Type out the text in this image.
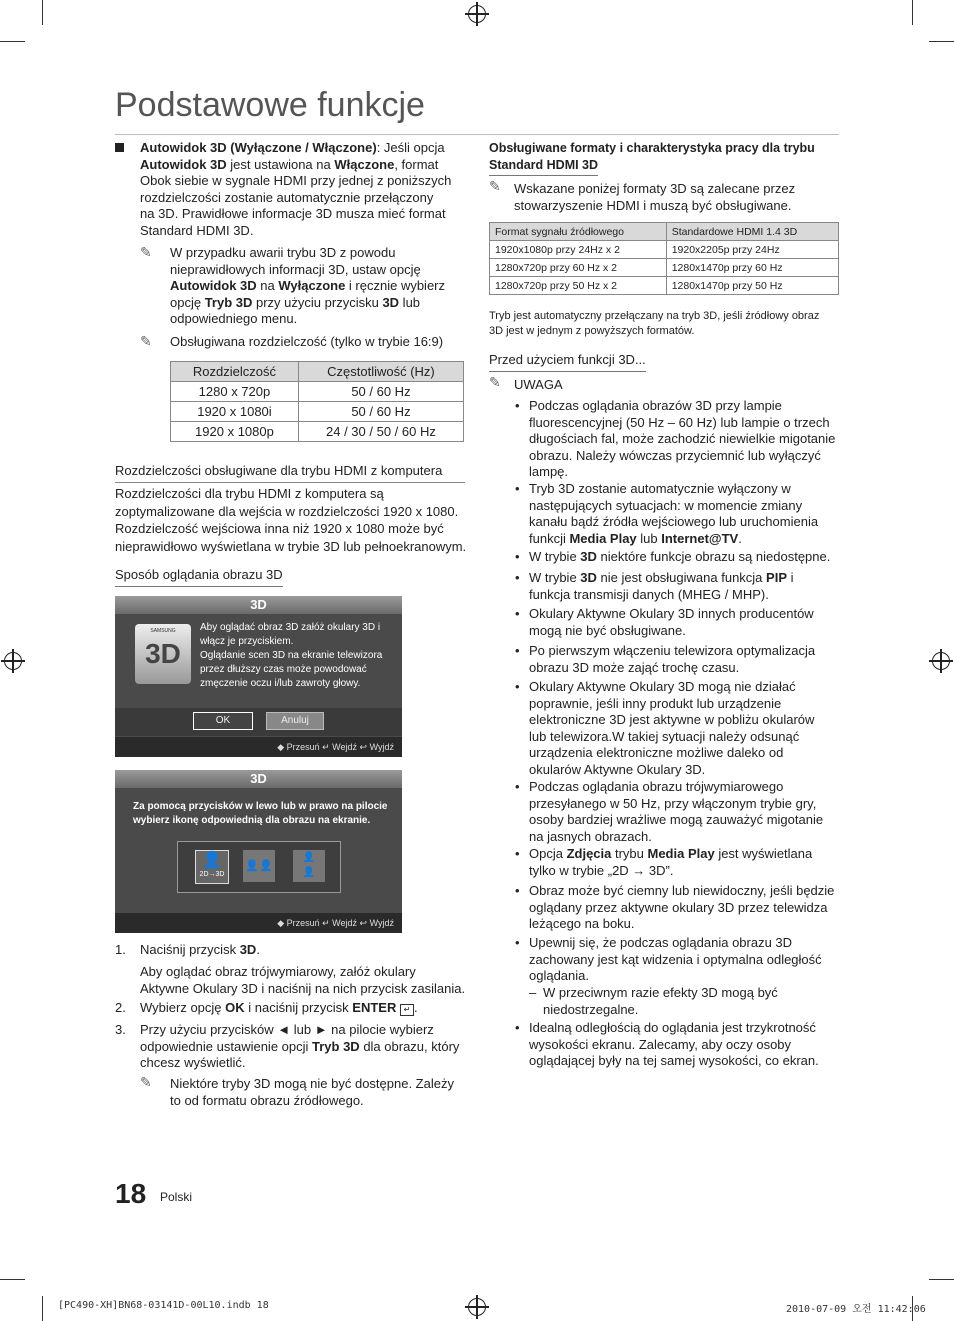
Podstawowe funkcje
Autowidok 3D (Wyłączone / Włączone): Jeśli opcja
Autowidok 3D jest ustawiona na Włączone, format
Obok siebie w sygnale HDMI przy jednej z poniższych
rozdzielczości zostanie automatycznie przełączony
na 3D. Prawidłowe informacje 3D musza mieć format
Standard HDMI 3D.
✎ W przypadku awarii trybu 3D z powodu
nieprawidłowych informacji 3D, ustaw opcję
Autowidok 3D na Wyłączone i ręcznie wybierz
opcję Tryb 3D przy użyciu przycisku 3D lub
odpowiedniego menu.
✎ Obsługiwana rozdzielczość (tylko w trybie 16:9)
Rozdzielczość	Częstotliwość (Hz)
1280 x 720p	50 / 60 Hz
1920 x 1080i	50 / 60 Hz
1920 x 1080p	24 / 30 / 50 / 60 Hz
Rozdzielczości obsługiwane dla trybu HDMI z komputera
Rozdzielczości dla trybu HDMI z komputera są
zoptymalizowane dla wejścia w rozdzielczości 1920 x 1080.
Rozdzielczość wejściowa inna niż 1920 x 1080 może być
nieprawidłowo wyświetlana w trybie 3D lub pełnoekranowym.
Sposób oglądania obrazu 3D
3D
SAMSUNG
3D
Aby oglądać obraz 3D załóż okulary 3D i
włącz je przyciskiem.
Oglądanie scen 3D na ekranie telewizora
przez dłuższy czas może powodować
zmęczenie oczu i/lub zawroty głowy.
OK	Anuluj
◆ Przesuń ↵ Wejdź ↩ Wyjdź
3D
Za pomocą przycisków w lewo lub w prawo na pilocie
wybierz ikonę odpowiednią dla obrazu na ekranie.
👤
2D→3D
👤👤
👤
👤
◆ Przesuń ↵ Wejdź ↩ Wyjdź
1. Naciśnij przycisk 3D.
Aby oglądać obraz trójwymiarowy, załóż okulary
Aktywne Okulary 3D i naciśnij na nich przycisk zasilania.
2. Wybierz opcję OK i naciśnij przycisk ENTER ↵ .
3. Przy użyciu przycisków ◄ lub ► na pilocie wybierz
odpowiednie ustawienie opcji Tryb 3D dla obrazu, który
chcesz wyświetlić.
✎ Niektóre tryby 3D mogą nie być dostępne. Zależy
to od formatu obrazu źródłowego.
Obsługiwane formaty i charakterystyka pracy dla trybu
Standard HDMI 3D
✎ Wskazane poniżej formaty 3D są zalecane przez
stowarzyszenie HDMI i muszą być obsługiwane.
Format sygnału źródłowego	Standardowe HDMI 1.4 3D
1920x1080p przy 24Hz x 2	1920x2205p przy 24Hz
1280x720p przy 60 Hz x 2	1280x1470p przy 60 Hz
1280x720p przy 50 Hz x 2	1280x1470p przy 50 Hz
Tryb jest automatyczny przełączany na tryb 3D, jeśli źródłowy obraz
3D jest w jednym z powyższych formatów.
Przed użyciem funkcji 3D...
✎ UWAGA
• Podczas oglądania obrazów 3D przy lampie
fluorescencyjnej (50 Hz – 60 Hz) lub lampie o trzech
długościach fal, może zachodzić niewielkie migotanie
obrazu. Należy wówczas przyciemnić lub wyłączyć
lampę.
• Tryb 3D zostanie automatycznie wyłączony w
następujących sytuacjach: w momencie zmiany
kanału bądź źródła wejściowego lub uruchomienia
funkcji Media Play lub Internet@TV.
• W trybie 3D niektóre funkcje obrazu są niedostępne.
• W trybie 3D nie jest obsługiwana funkcja PIP i
funkcja transmisji danych (MHEG / MHP).
• Okulary Aktywne Okulary 3D innych producentów
mogą nie być obsługiwane.
• Po pierwszym włączeniu telewizora optymalizacja
obrazu 3D może zająć trochę czasu.
• Okulary Aktywne Okulary 3D mogą nie działać
poprawnie, jeśli inny produkt lub urządzenie
elektroniczne 3D jest aktywne w pobliżu okularów
lub telewizora.W takiej sytuacji należy odsunąć
urządzenia elektroniczne możliwe daleko od
okularów Aktywne Okulary 3D.
• Podczas oglądania obrazu trójwymiarowego
przesyłanego w 50 Hz, przy włączonym trybie gry,
osoby bardziej wrażliwe mogą zauważyć migotanie
na jasnych obrazach.
• Opcja Zdjęcia trybu Media Play jest wyświetlana
tylko w trybie „2D → 3D”.
• Obraz może być ciemny lub niewidoczny, jeśli będzie
oglądany przez aktywne okulary 3D przez telewidza
leżącego na boku.
• Upewnij się, że podczas oglądania obrazu 3D
zachowany jest kąt widzenia i optymalna odległość
oglądania.
– W przeciwnym razie efekty 3D mogą być
niedostrzegalne.
• Idealną odległością do oglądania jest trzykrotność
wysokości ekranu. Zalecamy, aby oczy osoby
oglądającej były na tej samej wysokości, co ekran.
18 Polski
[PC490-XH]BN68-03141D-00L10.indb 18	2010-07-09 오전 11:42:06
